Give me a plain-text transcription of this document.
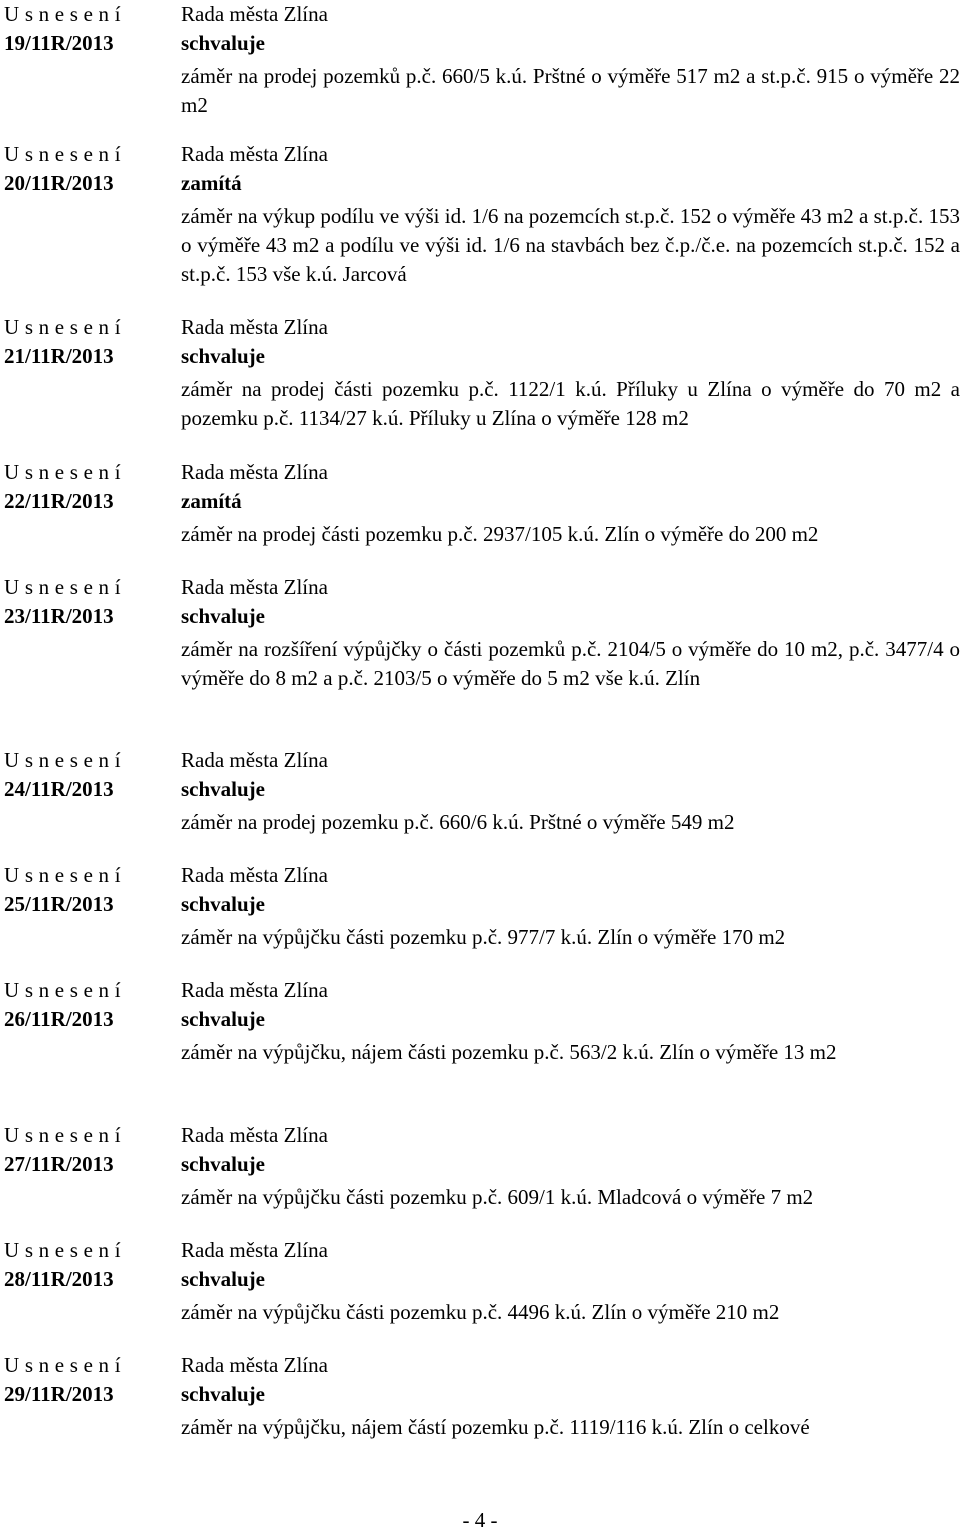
U s n e s e n í
19/11R/2013
Rada města Zlína
schvaluje
záměr na prodej pozemků p.č. 660/5 k.ú. Prštné o výměře 517 m2 a st.p.č. 915 o výměře 22 m2
U s n e s e n í
20/11R/2013
Rada města Zlína
zamítá
záměr na výkup podílu ve výši id. 1/6 na pozemcích st.p.č. 152 o výměře 43 m2 a st.p.č. 153 o výměře 43 m2 a podílu ve výši id. 1/6 na stavbách bez č.p./č.e. na pozemcích st.p.č. 152 a st.p.č. 153 vše k.ú. Jarcová
U s n e s e n í
21/11R/2013
Rada města Zlína
schvaluje
záměr na prodej části pozemku p.č. 1122/1 k.ú. Příluky u Zlína o výměře do 70 m2 a pozemku p.č. 1134/27 k.ú. Příluky u Zlína o výměře 128 m2
U s n e s e n í
22/11R/2013
Rada města Zlína
zamítá
záměr na prodej části pozemku p.č. 2937/105 k.ú. Zlín o výměře do 200 m2
U s n e s e n í
23/11R/2013
Rada města Zlína
schvaluje
záměr na rozšíření výpůjčky o části pozemků p.č. 2104/5 o výměře do 10 m2, p.č. 3477/4 o výměře do 8 m2 a p.č. 2103/5 o výměře do 5 m2 vše k.ú. Zlín
U s n e s e n í
24/11R/2013
Rada města Zlína
schvaluje
záměr na prodej pozemku p.č. 660/6 k.ú. Prštné o výměře 549 m2
U s n e s e n í
25/11R/2013
Rada města Zlína
schvaluje
záměr na výpůjčku části pozemku p.č. 977/7 k.ú. Zlín o výměře 170 m2
U s n e s e n í
26/11R/2013
Rada města Zlína
schvaluje
záměr na výpůjčku, nájem části pozemku p.č. 563/2 k.ú. Zlín o výměře 13 m2
U s n e s e n í
27/11R/2013
Rada města Zlína
schvaluje
záměr na výpůjčku části pozemku p.č. 609/1 k.ú. Mladcová o výměře 7 m2
U s n e s e n í
28/11R/2013
Rada města Zlína
schvaluje
záměr na výpůjčku části pozemku p.č. 4496 k.ú. Zlín o výměře 210 m2
U s n e s e n í
29/11R/2013
Rada města Zlína
schvaluje
záměr na výpůjčku, nájem částí pozemku p.č. 1119/116 k.ú. Zlín o celkové
- 4 -
